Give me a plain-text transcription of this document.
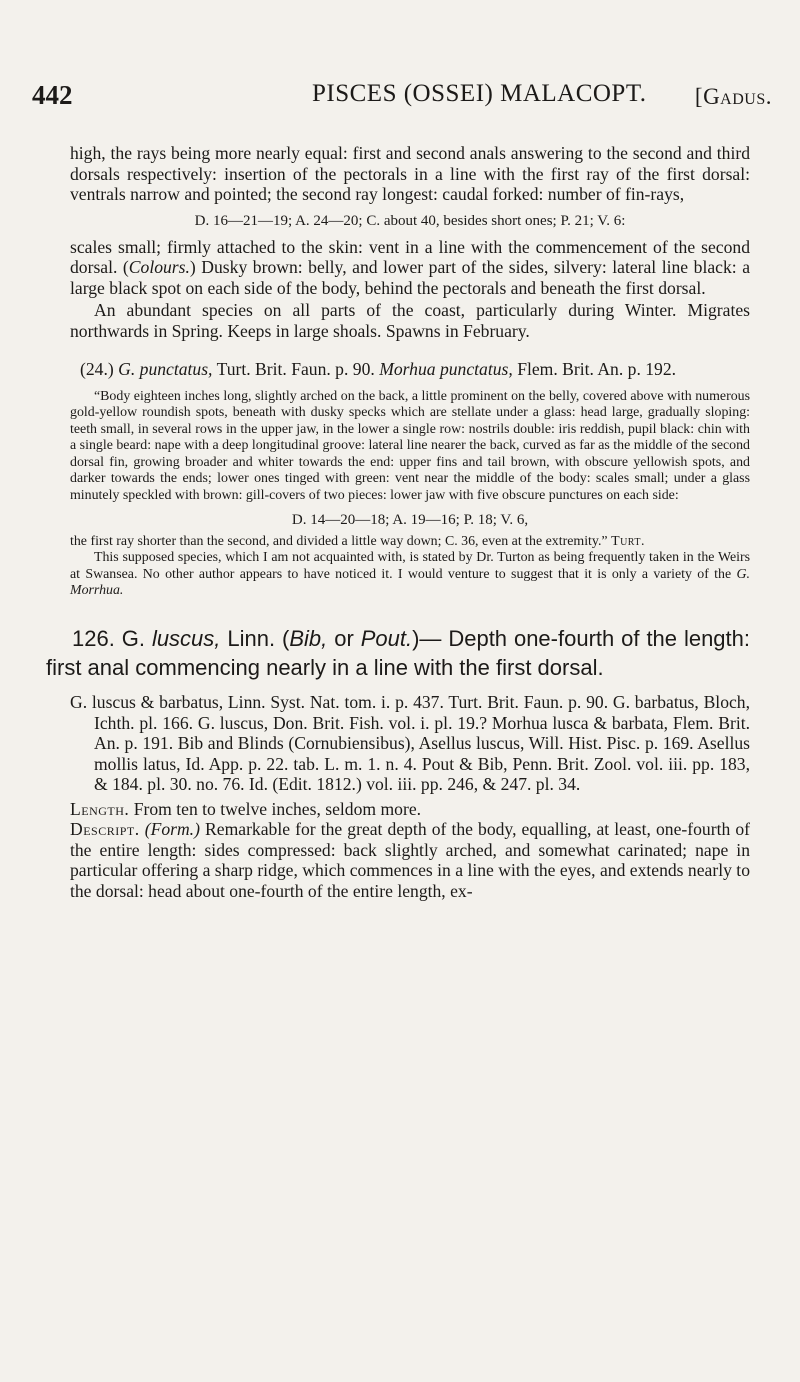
442	PISCES (OSSEI) MALACOPT. [Gadus.

high, the rays being more nearly equal: first and second anals answering to the second and third dorsals respectively: insertion of the pectorals in a line with the first ray of the first dorsal: ventrals narrow and pointed; the second ray longest: caudal forked: number of fin-rays,

D. 16—21—19; A. 24—20; C. about 40, besides short ones; P. 21; V. 6:

scales small; firmly attached to the skin: vent in a line with the commencement of the second dorsal. (Colours.) Dusky brown: belly, and lower part of the sides, silvery: lateral line black: a large black spot on each side of the body, behind the pectorals and beneath the first dorsal.

An abundant species on all parts of the coast, particularly during Winter. Migrates northwards in Spring. Keeps in large shoals. Spawns in February.

(24.) G. punctatus, Turt. Brit. Faun. p. 90. Morhua punctatus, Flem. Brit. An. p. 192.

“Body eighteen inches long, slightly arched on the back, a little prominent on the belly, covered above with numerous gold-yellow roundish spots, beneath with dusky specks which are stellate under a glass: head large, gradually sloping: teeth small, in several rows in the upper jaw, in the lower a single row: nostrils double: iris reddish, pupil black: chin with a single beard: nape with a deep longitudinal groove: lateral line nearer the back, curved as far as the middle of the second dorsal fin, growing broader and whiter towards the end: upper fins and tail brown, with obscure yellowish spots, and darker towards the ends; lower ones tinged with green: vent near the middle of the body: scales small; under a glass minutely speckled with brown: gill-covers of two pieces: lower jaw with five obscure punctures on each side:

D. 14—20—18; A. 19—16; P. 18; V. 6,

the first ray shorter than the second, and divided a little way down; C. 36, even at the extremity.” Turt.

This supposed species, which I am not acquainted with, is stated by Dr. Turton as being frequently taken in the Weirs at Swansea. No other author appears to have noticed it. I would venture to suggest that it is only a variety of the G. Morrhua.

126. G. luscus, Linn. (Bib, or Pout.)— Depth one-fourth of the length: first anal commencing nearly in a line with the first dorsal.

G. luscus & barbatus, Linn. Syst. Nat. tom. i. p. 437. Turt. Brit. Faun. p. 90. G. barbatus, Bloch, Ichth. pl. 166. G. luscus, Don. Brit. Fish. vol. i. pl. 19.? Morhua lusca & barbata, Flem. Brit. An. p. 191. Bib and Blinds (Cornubiensibus), Asellus luscus, Will. Hist. Pisc. p. 169. Asellus mollis latus, Id. App. p. 22. tab. L. m. 1. n. 4. Pout & Bib, Penn. Brit. Zool. vol. iii. pp. 183, & 184. pl. 30. no. 76. Id. (Edit. 1812.) vol. iii. pp. 246, & 247. pl. 34.

Length. From ten to twelve inches, seldom more.

Descript. (Form.) Remarkable for the great depth of the body, equalling, at least, one-fourth of the entire length: sides compressed: back slightly arched, and somewhat carinated; nape in particular offering a sharp ridge, which commences in a line with the eyes, and extends nearly to the dorsal: head about one-fourth of the entire length, ex-
